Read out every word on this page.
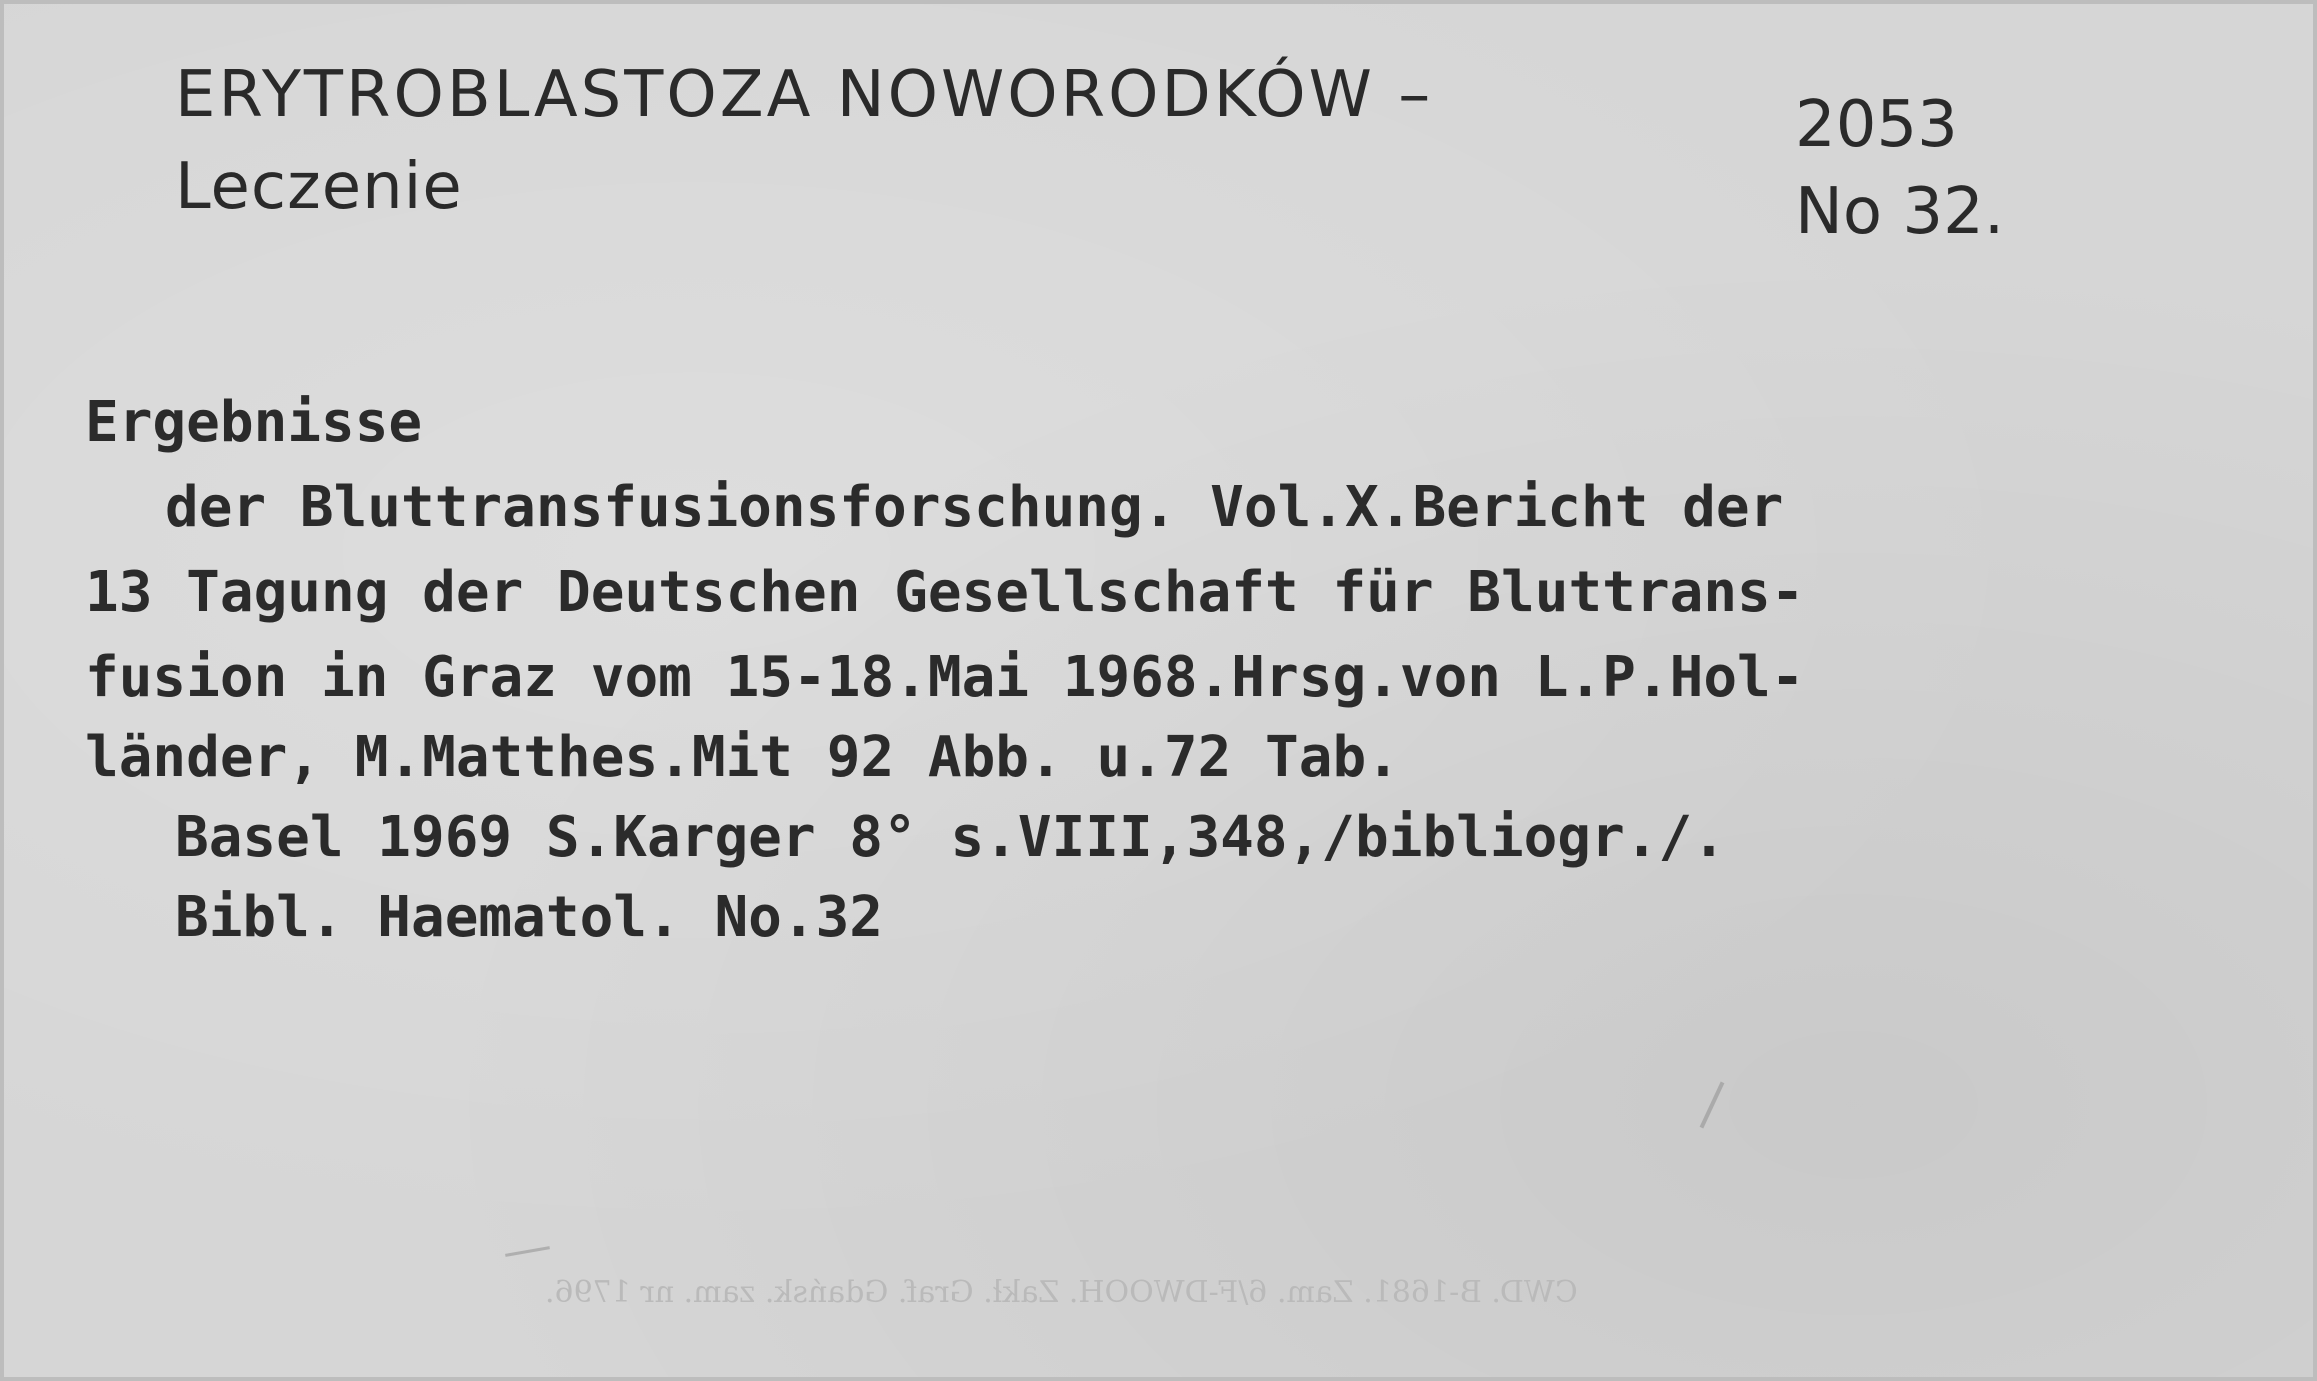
ERYTROBLASTOZA NOWORODKÓW –
Leczenie
2053
No 32.
Ergebnisse
der Bluttransfusionsforschung. Vol.X.Bericht der
13 Tagung der Deutschen Gesellschaft für Bluttrans-
fusion in Graz vom 15-18.Mai 1968.Hrsg.von L.P.Hol-
länder, M.Matthes.Mit 92 Abb. u.72 Tab.
Basel 1969 S.Karger 8° s.VIII,348,/bibliogr./.
Bibl. Haematol. No.32
CWD. B-1681. Zam. 6/F-DWOOH. Zakł. Graf. Gdańsk. zam. nr 1796.
